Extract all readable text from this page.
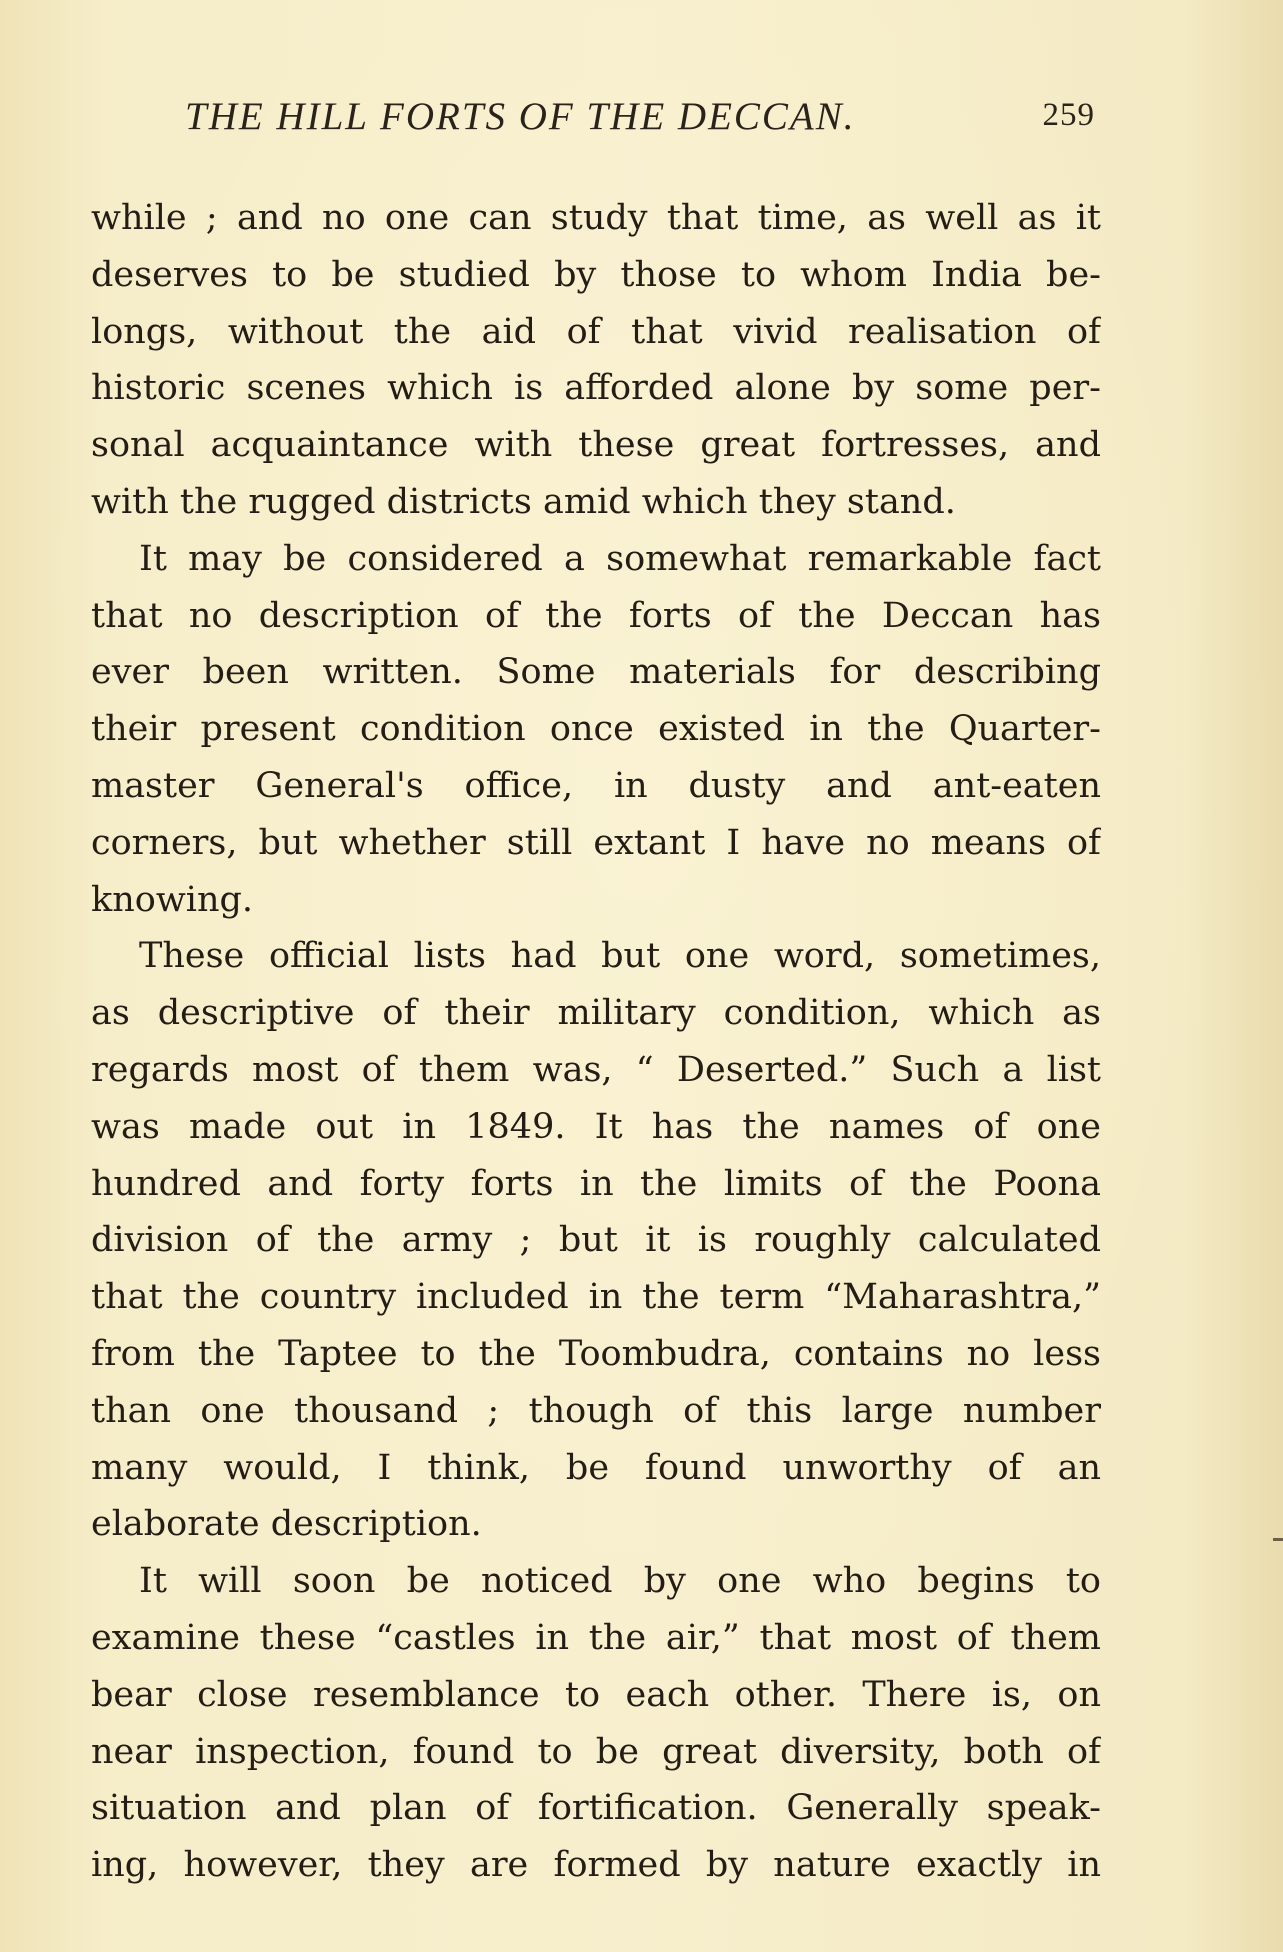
THE HILL FORTS OF THE DECCAN.	259
while ; and no one can study that time, as well as it
deserves to be studied by those to whom India be-
longs, without the aid of that vivid realisation of
historic scenes which is afforded alone by some per-
sonal acquaintance with these great fortresses, and
with the rugged districts amid which they stand.
It may be considered a somewhat remarkable fact
that no description of the forts of the Deccan has
ever been written. Some materials for describing
their present condition once existed in the Quarter-
master General's office, in dusty and ant-eaten
corners, but whether still extant I have no means of
knowing.
These official lists had but one word, sometimes,
as descriptive of their military condition, which as
regards most of them was, “ Deserted.” Such a list
was made out in 1849. It has the names of one
hundred and forty forts in the limits of the Poona
division of the army ; but it is roughly calculated
that the country included in the term “Maharashtra,”
from the Taptee to the Toombudra, contains no less
than one thousand ; though of this large number
many would, I think, be found unworthy of an
elaborate description.
It will soon be noticed by one who begins to
examine these “castles in the air,” that most of them
bear close resemblance to each other. There is, on
near inspection, found to be great diversity, both of
situation and plan of fortification. Generally speak-
ing, however, they are formed by nature exactly in
